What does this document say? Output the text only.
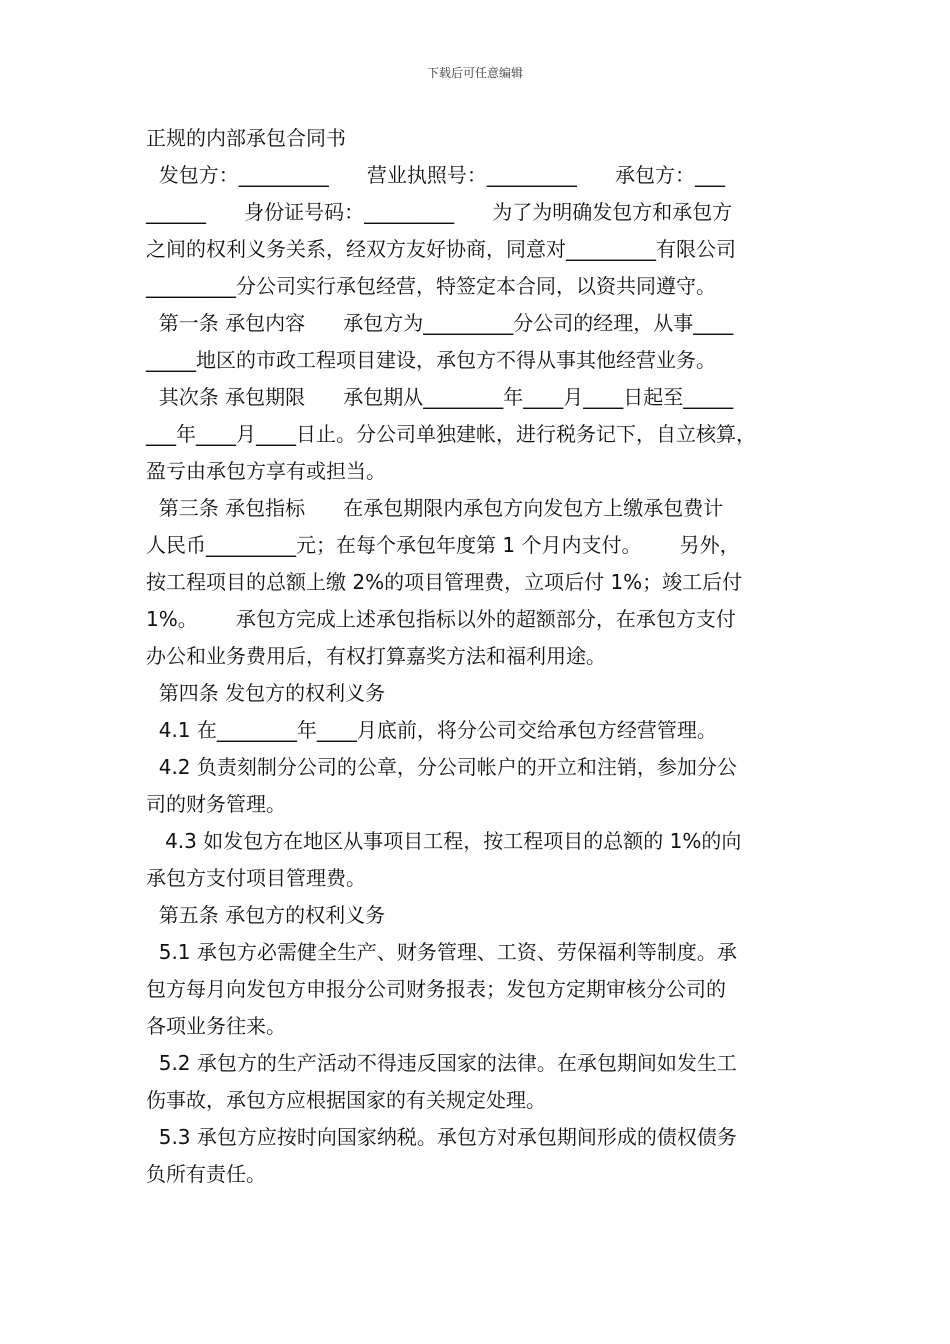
下载后可任意编辑
正规的内部承包合同书
发包方：_________      营业执照号：_________      承包方：___
______      身份证号码：_________      为了为明确发包方和承包方
之间的权利义务关系，经双方友好协商，同意对_________有限公司
_________分公司实行承包经营，特签定本合同，以资共同遵守。
第一条 承包内容      承包方为_________分公司的经理，从事____
_____地区的市政工程项目建设，承包方不得从事其他经营业务。
其次条 承包期限      承包期从________年____月____日起至_____
___年____月____日止。分公司单独建帐，进行税务记下，自立核算，
盈亏由承包方享有或担当。
第三条 承包指标      在承包期限内承包方向发包方上缴承包费计
人民币_________元；在每个承包年度第 1 个月内支付。      另外，
按工程项目的总额上缴 2%的项目管理费，立项后付 1%；竣工后付
1%。      承包方完成上述承包指标以外的超额部分，在承包方支付
办公和业务费用后，有权打算嘉奖方法和福利用途。
第四条 发包方的权利义务
4.1 在________年____月底前，将分公司交给承包方经营管理。
4.2 负责刻制分公司的公章，分公司帐户的开立和注销，参加分公
司的财务管理。
4.3 如发包方在地区从事项目工程，按工程项目的总额的 1%的向
承包方支付项目管理费。
第五条 承包方的权利义务
5.1 承包方必需健全生产、财务管理、工资、劳保福利等制度。承
包方每月向发包方申报分公司财务报表；发包方定期审核分公司的
各项业务往来。
5.2 承包方的生产活动不得违反国家的法律。在承包期间如发生工
伤事故，承包方应根据国家的有关规定处理。
5.3 承包方应按时向国家纳税。承包方对承包期间形成的债权债务
负所有责任。
